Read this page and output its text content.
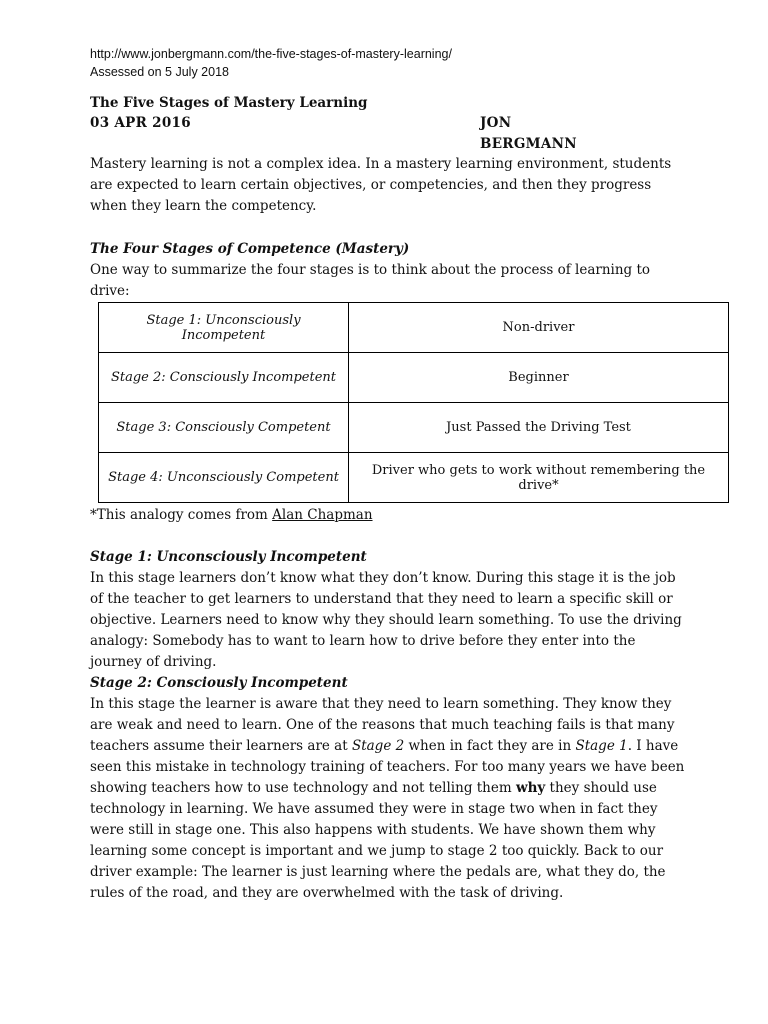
http://www.jonbergmann.com/the-five-stages-of-mastery-learning/
Assessed on 5 July 2018
The Five Stages of Mastery Learning
03 APR 2016	JON BERGMANN
Mastery learning is not a complex idea. In a mastery learning environment, students are expected to learn certain objectives, or competencies, and then they progress when they learn the competency.
The Four Stages of Competence (Mastery)
One way to summarize the four stages is to think about the process of learning to drive:
Stage 1: Unconsciously Incompetent	Non-driver
Stage 2: Consciously Incompetent	Beginner
Stage 3: Consciously Competent	Just Passed the Driving Test
Stage 4: Unconsciously Competent	Driver who gets to work without remembering the drive*
*This analogy comes from Alan Chapman
Stage 1: Unconsciously Incompetent
In this stage learners don’t know what they don’t know. During this stage it is the job of the teacher to get learners to understand that they need to learn a specific skill or objective. Learners need to know why they should learn something. To use the driving analogy: Somebody has to want to learn how to drive before they enter into the journey of driving.
Stage 2: Consciously Incompetent
In this stage the learner is aware that they need to learn something. They know they are weak and need to learn. One of the reasons that much teaching fails is that many teachers assume their learners are at Stage 2 when in fact they are in Stage 1. I have seen this mistake in technology training of teachers. For too many years we have been showing teachers how to use technology and not telling them why they should use technology in learning. We have assumed they were in stage two when in fact they were still in stage one. This also happens with students. We have shown them why learning some concept is important and we jump to stage 2 too quickly. Back to our driver example: The learner is just learning where the pedals are, what they do, the rules of the road, and they are overwhelmed with the task of driving.
